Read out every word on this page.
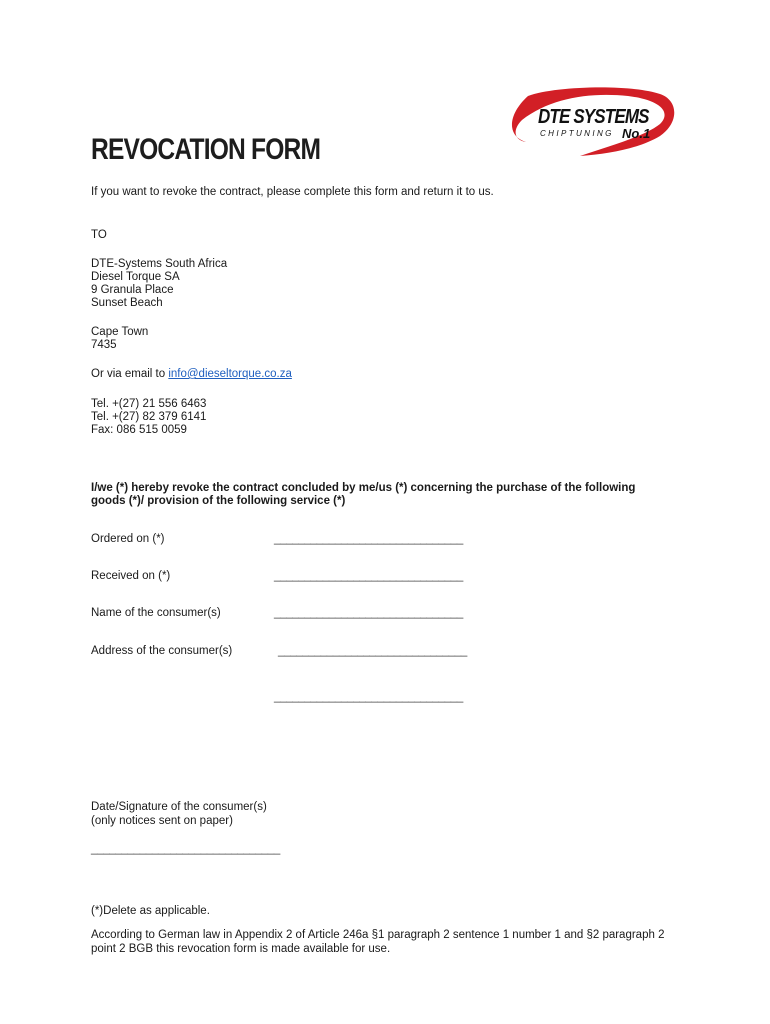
DTE SYSTEMS
CHIPTUNING No.1
REVOCATION FORM

If you want to revoke the contract, please complete this form and return it to us.

TO

DTE-Systems South Africa

Diesel Torque SA

9 Granula Place

Sunset Beach

Cape Town

7435

Or via email to info@dieseltorque.co.za

Tel. +(27) 21 556 6463

Tel. +(27) 82 379 6141

Fax: 086 515 0059

I/we (*) hereby revoke the contract concluded by me/us (*) concerning the purchase of the following

goods (*)/ provision of the following service (*)

Ordered on (*)	_______________________________
Received on (*)	_______________________________
Name of the consumer(s)	_______________________________
Address of the consumer(s)	_______________________________
_______________________________

Date/Signature of the consumer(s)

(only notices sent on paper)

_______________________________

(*)Delete as applicable.

According to German law in Appendix 2 of Article 246a §1 paragraph 2 sentence 1 number 1 and §2 paragraph 2

point 2 BGB this revocation form is made available for use.
